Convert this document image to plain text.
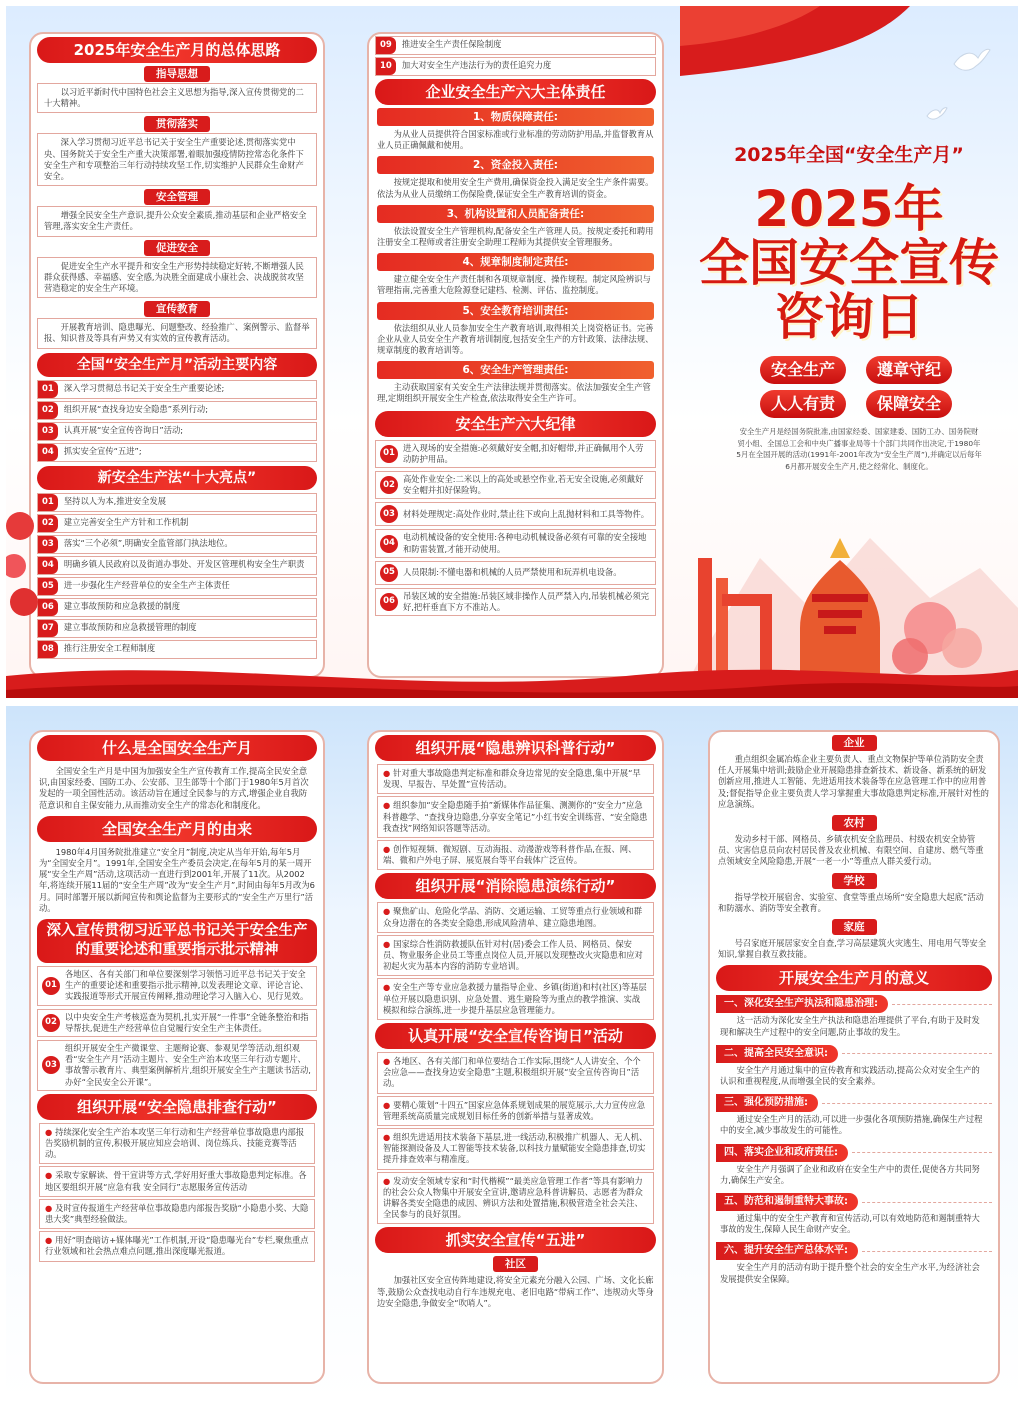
2025年安全生产月的总体思路
指导思想
以习近平新时代中国特色社会主义思想为指导,深入宣传贯彻党的二十大精神。
贯彻落实
深入学习贯彻习近平总书记关于安全生产重要论述,贯彻落实党中央、国务院关于安全生产重大决策部署,着眼加强疫情防控常态化条件下安全生产和专项整治三年行动持续攻坚工作,切实维护人民群众生命财产安全。
安全管理
增强全民安全生产意识,提升公众安全素质,推动基层和企业严格安全管理,落实安全生产责任。
促进安全
促进安全生产水平提升和安全生产形势持续稳定好转,不断增强人民群众获得感、幸福感、安全感,为决胜全面建成小康社会、决战脱贫攻坚营造稳定的安全生产环境。
宣传教育
开展教育培训、隐患曝光、问题整改、经验推广、案例警示、监督举报、知识普及等具有声势又有实效的宣传教育活动。
全国“安全生产月”活动主要内容
01	深入学习贯彻总书记关于安全生产重要论述;
02	组织开展“查找身边安全隐患”系列行动;
03	认真开展“安全宣传咨询日”活动;
04	抓实安全宣传“五进”;
新安全生产法“十大亮点”
01	坚持以人为本,推进安全发展
02	建立完善安全生产方针和工作机制
03	落实“三个必须”,明确安全监管部门执法地位。
04	明确乡镇人民政府以及街道办事处、开发区管理机构安全生产职责
05	进一步强化生产经营单位的安全生产主体责任
06	建立事故预防和应急救援的制度
07	建立事故预防和应急救援管理的制度
08	推行注册安全工程师制度
09	推进安全生产责任保险制度
10	加大对安全生产违法行为的责任追究力度
企业安全生产六大主体责任
1、物质保障责任:
为从业人员提供符合国家标准或行业标准的劳动防护用品,并监督教育从业人员正确佩戴和使用。
2、资金投入责任:
按规定提取和使用安全生产费用,确保资金投入满足安全生产条件需要。依法为从业人员缴纳工伤保险费,保证安全生产教育培训的资金。
3、机构设置和人员配备责任:
依法设置安全生产管理机构,配备安全生产管理人员。按规定委托和聘用注册安全工程师或者注册安全助理工程师为其提供安全管理服务。
4、规章制度制定责任:
建立健全安全生产责任制和各项规章制度、操作规程。制定风险辨识与管理指南,完善重大危险源登记建档、检测、评估、监控制度。
5、安全教育培训责任:
依法组织从业人员参加安全生产教育培训,取得相关上岗资格证书。完善企业从业人员安全生产教育培训制度,包括安全生产的方针政策、法律法规、规章制度的教育培训等。
6、安全生产管理责任:
主动获取国家有关安全生产法律法规并贯彻落实。依法加强安全生产管理,定期组织开展安全生产检查,依法取得安全生产许可。
安全生产六大纪律
01
进入现场的安全措施:必须戴好安全帽,扣好帽带,并正确佩用个人劳动防护用品。
02
高处作业安全:二米以上的高处或悬空作业,若无安全设施,必须戴好安全帽并扣好保险钩。
03 材料处理规定:高处作业时,禁止往下或向上乱抛材料和工具等物件。
04
电动机械设备的安全使用:各种电动机械设备必须有可靠的安全接地和防雷装置,才能开动使用。
05 人员限制:不懂电器和机械的人员严禁使用和玩弄机电设备。
06
吊装区域的安全措施:吊装区域非操作人员严禁入内,吊装机械必须完好,把杆垂直下方不准站人。
2025年全国“安全生产月”
2025年
全国安全宣传
咨询日
安全生产	遵章守纪
人人有责	保障安全
安全生产月是经国务院批准,由国家经委、国家建委、国防工办、国务院财贸小组、全国总工会和中央广播事业局等十个部门共同作出决定,于1980年5月在全国开展的活动(1991年-2001年改为“安全生产周”),并确定以后每年6月都开展安全生产月,使之经常化、制度化。
什么是全国安全生产月
全国安全生产月是中国为加强安全生产宣传教育工作,提高全民安全意识,由国家经委、国防工办、公安部、卫生部等十个部门于1980年5月首次发起的一项全国性活动。该活动旨在通过全民参与的方式,增强企业自我防范意识和自主保安能力,从而推动安全生产的常态化和制度化。
全国安全生产月的由来
1980年4月国务院批准建立“安全月”制度,决定从当年开始,每年5月为“全国安全月”。1991年,全国安全生产委员会决定,在每年5月的某一周开展“安全生产周”活动,这项活动一直进行到2001年,开展了11次。从2002年,将连续开展11届的“安全生产周”改为“安全生产月”,时间由每年5月改为6月。同时部署开展以新闻宣传和舆论监督为主要形式的“安全生产万里行”活动。
深入宣传贯彻习近平总书记关于安全生产的重要论述和重要指示批示精神
01
各地区、各有关部门和单位要深刻学习领悟习近平总书记关于安全生产的重要论述和重要指示批示精神,以发表理论文章、评论言论、实践报道等形式开展宣传阐释,推动理论学习入脑入心、见行见效。
02
以中央安全生产考核巡查为契机,扎实开展“一件事”全链条整治和指导帮扶,促进生产经营单位自觉履行安全生产主体责任。
03
组织开展安全生产微课堂、主题辩论赛、参观见学等活动,组织观看“安全生产月”活动主题片、安全生产治本攻坚三年行动专题片、事故警示教育片、典型案例解析片,组织开展安全生产主题读书活动,办好“全民安全公开课”。
组织开展“安全隐患排查行动”
● 持续深化安全生产治本攻坚三年行动和生产经营单位事故隐患内部报告奖励机制的宣传,积极开展应知应会培训、岗位练兵、技能竞赛等活动。
● 采取专家解读、骨干宣讲等方式,学好用好重大事故隐患判定标准。各地区要组织开展“应急有我 安全同行”志愿服务宣传活动
● 及时宣传报道生产经营单位事故隐患内部报告奖励“小隐患小奖、大隐患大奖”典型经验做法。
● 用好“明查暗访+媒体曝光”工作机制,开设“隐患曝光台”专栏,聚焦重点行业领域和社会热点难点问题,推出深度曝光报道。
组织开展“隐患辨识科普行动”
● 针对重大事故隐患判定标准和群众身边常见的安全隐患,集中开展“早发现、早报告、早处置”宣传活动。
● 组织参加“安全隐患随手拍”新媒体作品征集、测测你的“安全力”应急科普趣学、“查找身边隐患,分享安全笔记”小红书安全训练营、“安全隐患我查找”网络知识答题等活动。
● 创作短视频、微短剧、互动海报、动漫游戏等科普作品,在报、网、端、微和户外电子屏、展览展台等平台载体广泛宣传。
组织开展“消除隐患演练行动”
● 聚焦矿山、危险化学品、消防、交通运输、工贸等重点行业领域和群众身边潜在的各类安全隐患,形成风险清单、建立隐患地图。
● 国家综合性消防救援队伍针对村(居)委会工作人员、网格员、保安员、物业服务企业员工等重点岗位人员,开展以发现整改火灾隐患和应对初起火灾为基本内容的消防专业培训。
● 安全生产等专业应急救援力量指导企业、乡镇(街道)和村(社区)等基层单位开展以隐患识别、应急处置、逃生避险等为重点的教学推演、实战模拟和综合演练,进一步提升基层应急管理能力。
认真开展“安全宣传咨询日”活动
● 各地区、各有关部门和单位要结合工作实际,围绕“人人讲安全、个个会应急——查找身边安全隐患”主题,积极组织开展“安全宣传咨询日”活动。
● 要精心策划“十四五”国家应急体系规划成果的展览展示,大力宣传应急管理系统高质量完成规划目标任务的创新举措与显著成效。
● 组织先进适用技术装备下基层,进一线活动,积极推广机器人、无人机、智能探测设备及人工智能等技术装备,以科技力量赋能安全隐患排查,切实提升排查效率与精准度。
● 发动安全领域专家和“时代楷模”“最美应急管理工作者”等具有影响力的社会公众人物集中开展安全宣讲,邀请应急科普讲解员、志愿者为群众讲解各类安全隐患的成因、辨识方法和处置措施,积极营造全社会关注、全民参与的良好氛围。
抓实安全宣传“五进”
社区
加强社区安全宣传阵地建设,将安全元素充分融入公园、广场、文化长廊等,鼓励公众查找电动自行车违规充电、老旧电路“带病工作”、违规动火等身边安全隐患,争做安全“吹哨人”。
企业
重点组织金属冶炼企业主要负责人、重点文物保护等单位消防安全责任人开展集中培训;鼓励企业开展隐患排查新技术、新设备、新系统的研发创新应用,推进人工智能、先进适用技术装备等在应急管理工作中的应用普及;督促指导企业主要负责人学习掌握重大事故隐患判定标准,开展针对性的应急演练。
农村
发动乡村干部、网格员、乡镇农机安全监理员、村级农机安全协管员、灾害信息员向农村居民普及农业机械、有限空间、自建房、燃气等重点领域安全风险隐患,开展“一老一小”等重点人群关爱行动。
学校
指导学校开展宿舍、实验室、食堂等重点场所“安全隐患大起底”活动和防溺水、消防等安全教育。
家庭
号召家庭开展居家安全自查,学习高层建筑火灾逃生、用电用气等安全知识,掌握自救互救技能。
开展安全生产月的意义
一、深化安全生产执法和隐患治理:
这一活动为深化安全生产执法和隐患治理提供了平台,有助于及时发现和解决生产过程中的安全问题,防止事故的发生。
二、提高全民安全意识:
安全生产月通过集中的宣传教育和实践活动,提高公众对安全生产的认识和重视程度,从而增强全民的安全素养。
三、强化预防措施:
通过安全生产月的活动,可以进一步强化各项预防措施,确保生产过程中的安全,减少事故发生的可能性。
四、落实企业和政府责任:
安全生产月强调了企业和政府在安全生产中的责任,促使各方共同努力,确保生产安全。
五、防范和遏制重特大事故:
通过集中的安全生产教育和宣传活动,可以有效地防范和遏制重特大事故的发生,保障人民生命财产安全。
六、提升安全生产总体水平:
安全生产月的活动有助于提升整个社会的安全生产水平,为经济社会发展提供安全保障。
